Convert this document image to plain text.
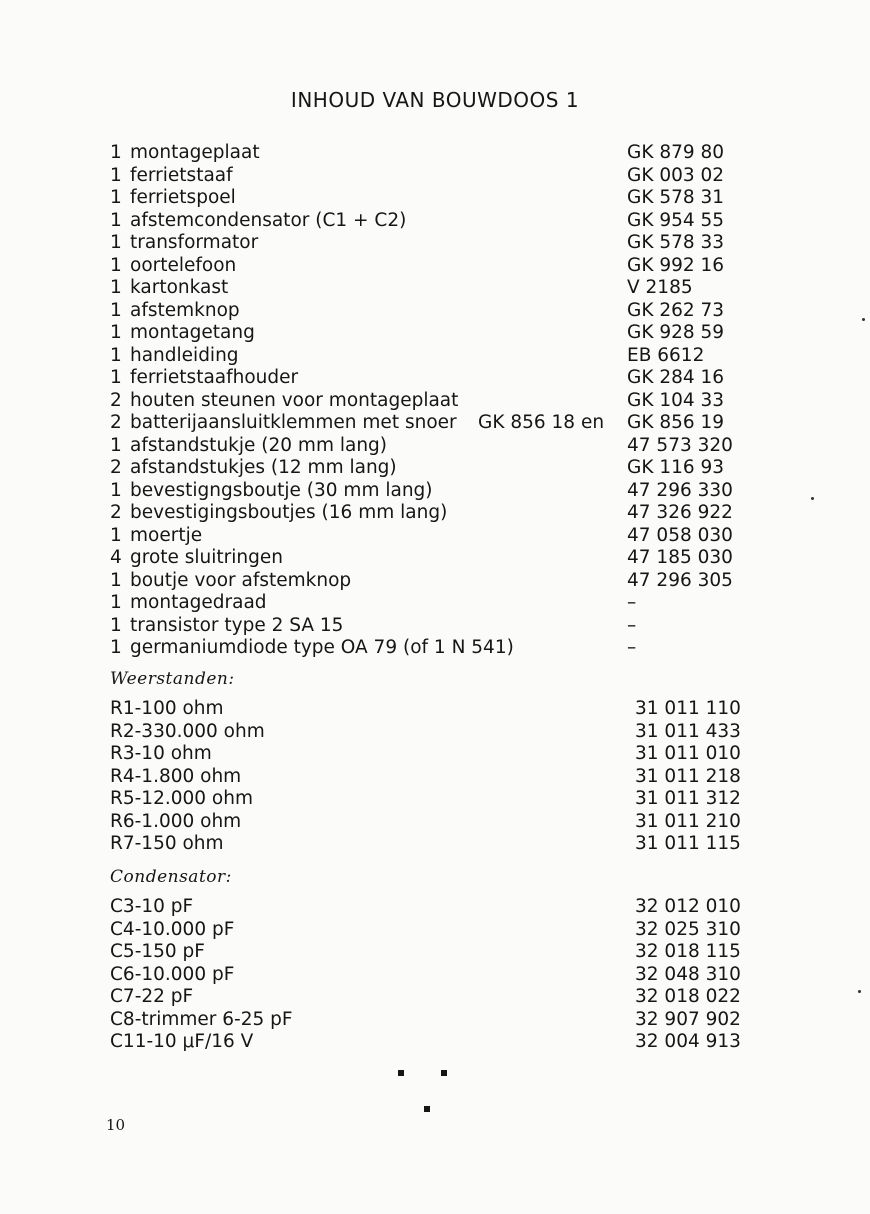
INHOUD VAN BOUWDOOS 1
1 montageplaat	GK 879 80
1 ferrietstaaf	GK 003 02
1 ferrietspoel	GK 578 31
1 afstemcondensator (C1 + C2)	GK 954 55
1 transformator	GK 578 33
1 oortelefoon	GK 992 16
1 kartonkast	V 2185
1 afstemknop	GK 262 73
1 montagetang	GK 928 59
1 handleiding	EB 6612
1 ferrietstaafhouder	GK 284 16
2 houten steunen voor montageplaat	GK 104 33
2 batterijaansluitklemmen met snoer GK 856 18 en GK 856 19
1 afstandstukje (20 mm lang)	47 573 320
2 afstandstukjes (12 mm lang)	GK 116 93
1 bevestigngsboutje (30 mm lang)	47 296 330
2 bevestigingsboutjes (16 mm lang)	47 326 922
1 moertje	47 058 030
4 grote sluitringen	47 185 030
1 boutje voor afstemknop	47 296 305
1 montagedraad	–
1 transistor type 2 SA 15	–
1 germaniumdiode type OA 79 (of 1 N 541)	–
Weerstanden:
R1-100 ohm	31 011 110
R2-330.000 ohm	31 011 433
R3-10 ohm	31 011 010
R4-1.800 ohm	31 011 218
R5-12.000 ohm	31 011 312
R6-1.000 ohm	31 011 210
R7-150 ohm	31 011 115
Condensator:
C3-10 pF	32 012 010
C4-10.000 pF	32 025 310
C5-150 pF	32 018 115
C6-10.000 pF	32 048 310
C7-22 pF	32 018 022
C8-trimmer 6-25 pF	32 907 902
C11-10 μF/16 V	32 004 913
10
